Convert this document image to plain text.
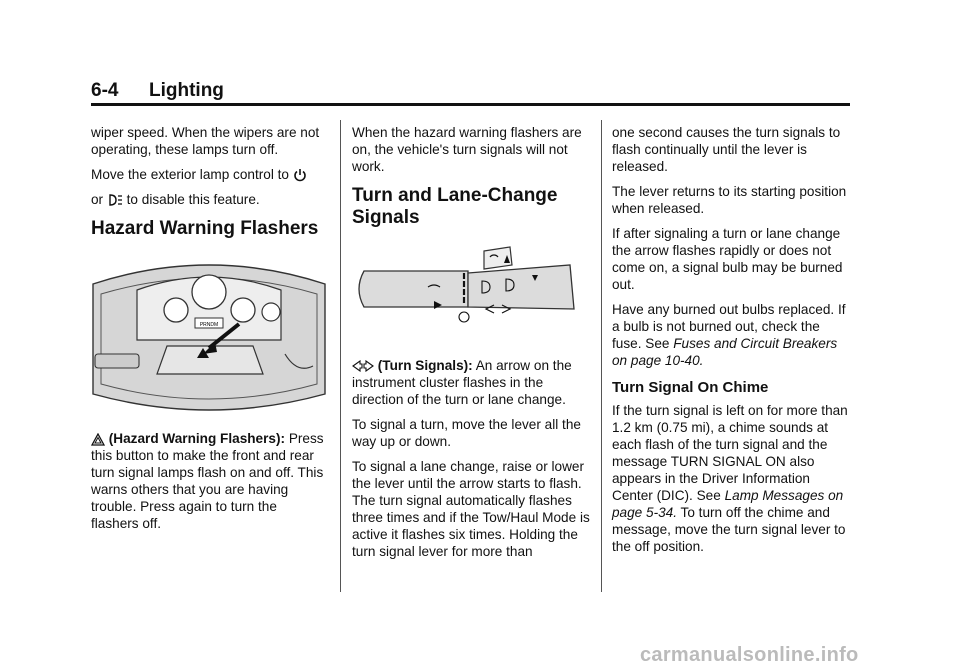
6-4 Lighting

wiper speed. When the wipers are not operating, these lamps turn off.

Move the exterior lamp control to

or to disable this feature.

Hazard Warning Flashers
PRNDM

(Hazard Warning Flashers): Press this button to make the front and rear turn signal lamps flash on and off. This warns others that you are having trouble. Press again to turn the flashers off.

When the hazard warning flashers are on, the vehicle's turn signals will not work.

Turn and Lane-Change Signals

(Turn Signals): An arrow on the instrument cluster flashes in the direction of the turn or lane change.

To signal a turn, move the lever all the way up or down.

To signal a lane change, raise or lower the lever until the arrow starts to flash. The turn signal automatically flashes three times and if the Tow/Haul Mode is active it flashes six times. Holding the turn signal lever for more than

one second causes the turn signals to flash continually until the lever is released.

The lever returns to its starting position when released.

If after signaling a turn or lane change the arrow flashes rapidly or does not come on, a signal bulb may be burned out.

Have any burned out bulbs replaced. If a bulb is not burned out, check the fuse. See Fuses and Circuit Breakers on page 10-40.

Turn Signal On Chime

If the turn signal is left on for more than 1.2 km (0.75 mi), a chime sounds at each flash of the turn signal and the message TURN SIGNAL ON also appears in the Driver Information Center (DIC). See Lamp Messages on page 5-34. To turn off the chime and message, move the turn signal lever to the off position.

carmanualsonline.info
